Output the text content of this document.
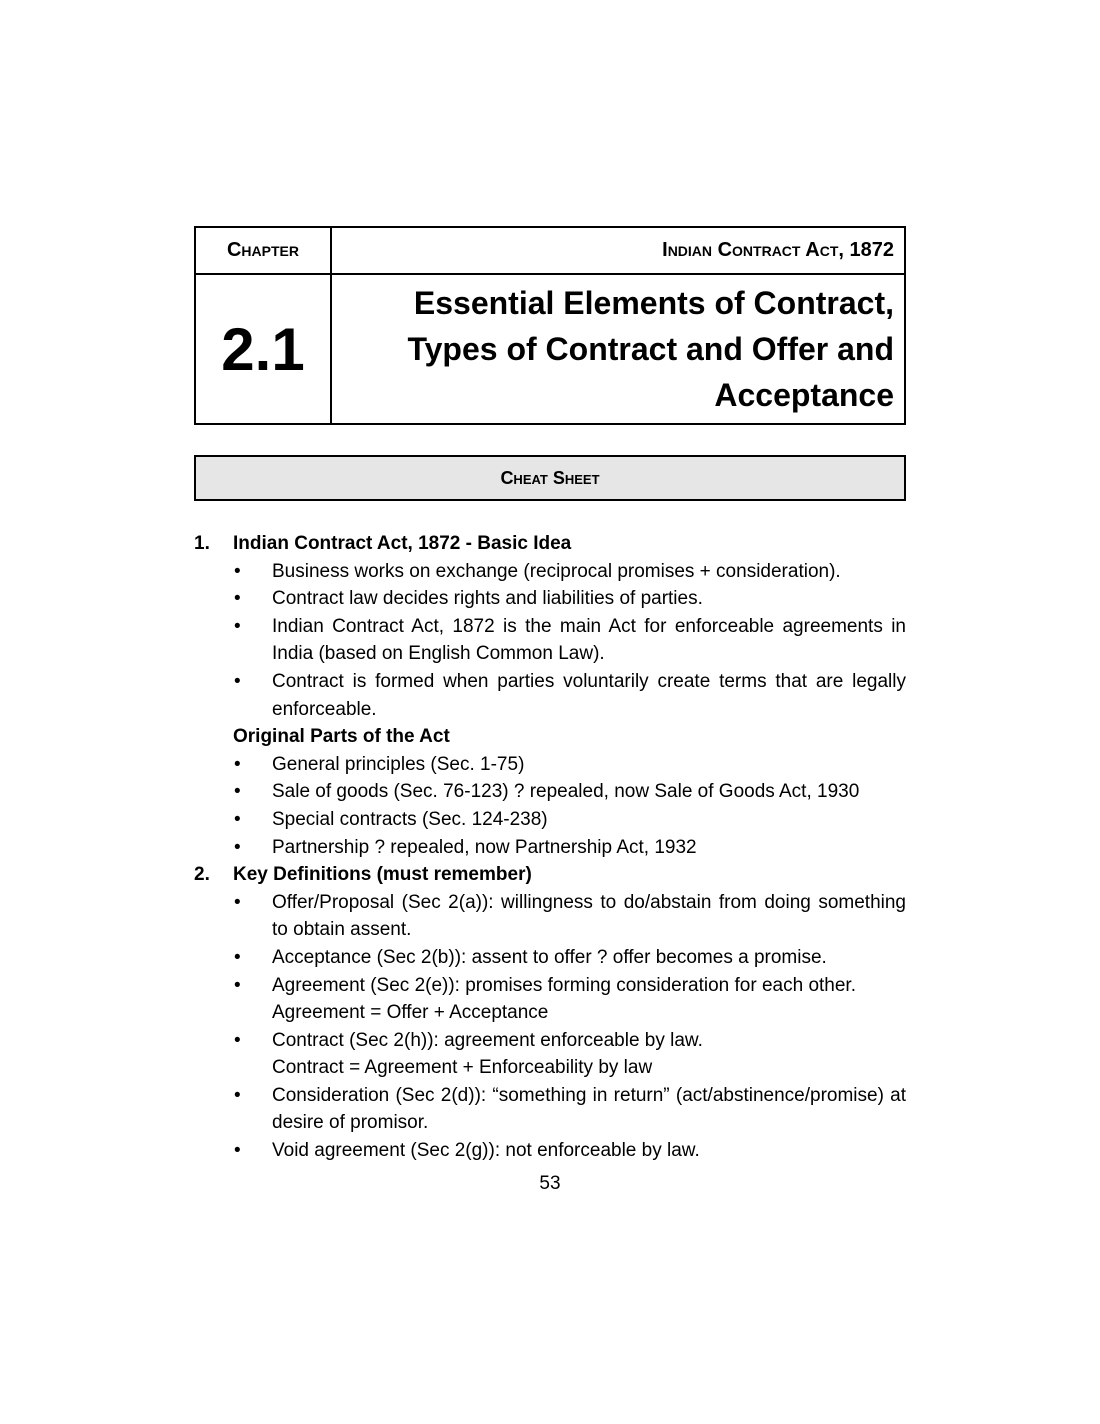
Chapter	Indian Contract Act, 1872
2.1
Essential Elements of Contract,
Types of Contract and Offer and
Acceptance
Cheat Sheet
1. Indian Contract Act, 1872 - Basic Idea
• Business works on exchange (reciprocal promises + consideration).
• Contract law decides rights and liabilities of parties.
• Indian Contract Act, 1872 is the main Act for enforceable agreements in India (based on English Common Law).
• Contract is formed when parties voluntarily create terms that are legally enforceable.
Original Parts of the Act
• General principles (Sec. 1-75)
• Sale of goods (Sec. 76-123) ? repealed, now Sale of Goods Act, 1930
• Special contracts (Sec. 124-238)
• Partnership ? repealed, now Partnership Act, 1932
2. Key Definitions (must remember)
• Offer/Proposal (Sec 2(a)): willingness to do/abstain from doing something to obtain assent.
• Acceptance (Sec 2(b)): assent to offer ? offer becomes a promise.
• Agreement (Sec 2(e)): promises forming consideration for each other.
Agreement = Offer + Acceptance
• Contract (Sec 2(h)): agreement enforceable by law.
Contract = Agreement + Enforceability by law
• Consideration (Sec 2(d)): “something in return” (act/abstinence/promise) at desire of promisor.
• Void agreement (Sec 2(g)): not enforceable by law.
53
